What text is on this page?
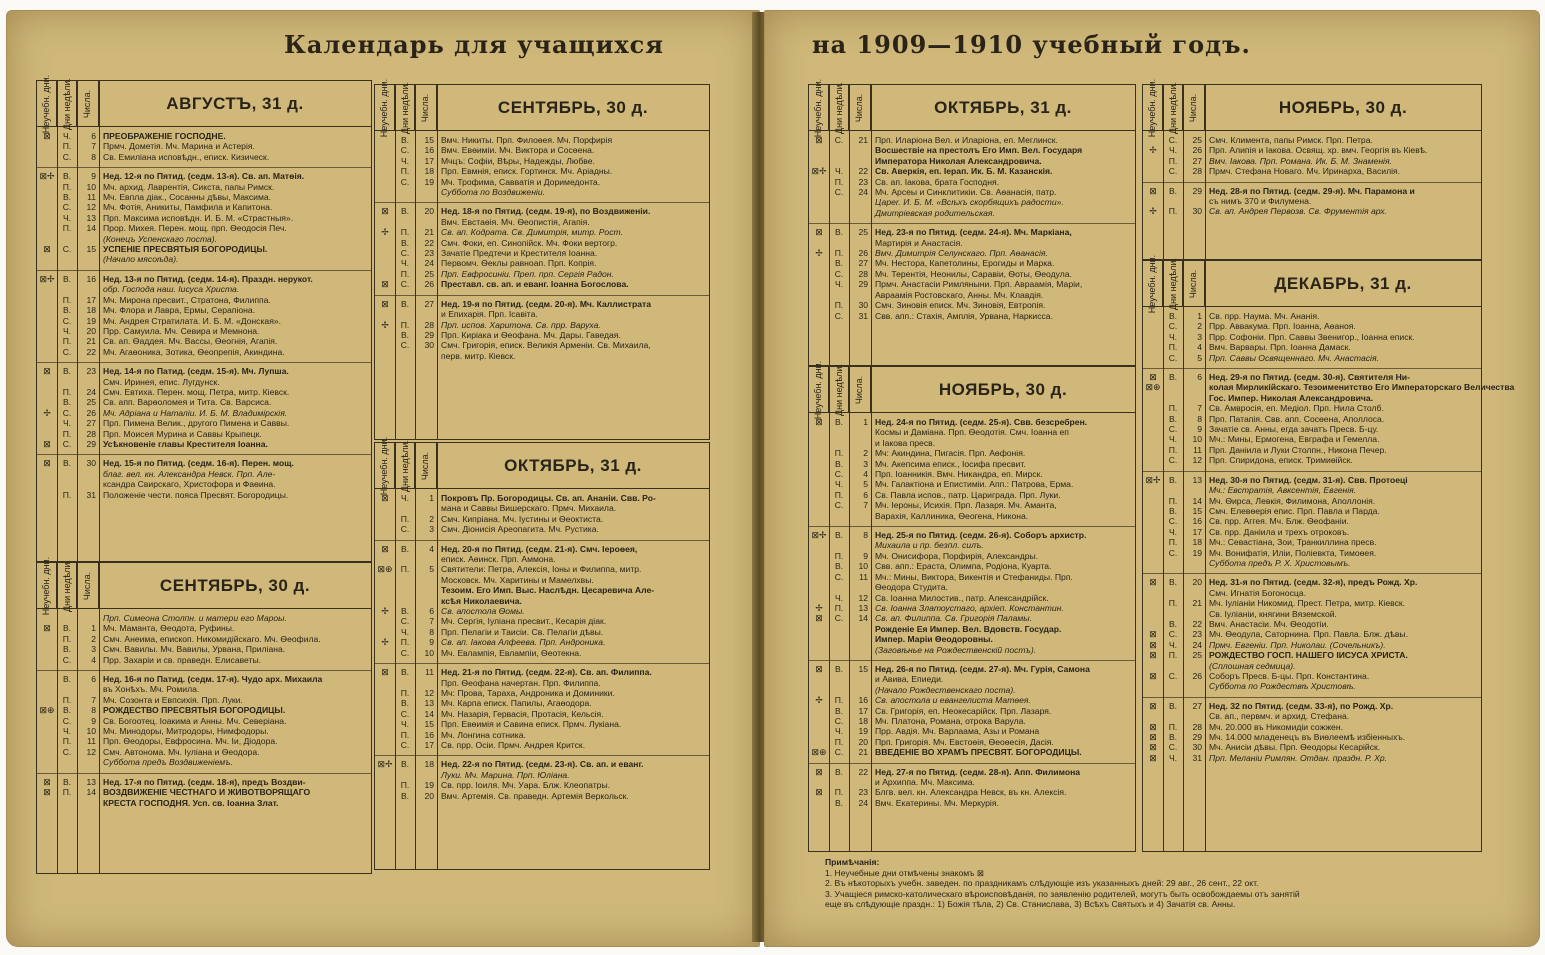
Календарь для учащихся	на 1909—1910 учебный годъ.
Неучебн. дни. Дни недѣли. Числа.	АВГУСТЪ, 31 д.
⊠	Ч.	6 ПРЕОБРАЖЕНІЕ ГОСПОДНЕ.
П.	7 Прмч. Дометія. Мч. Марина и Астерія.
С.	8 Св. Емиліана исповѣдн., еписк. Кизическ.
⊠✢ В.	9 Нед. 12-я по Пятид. (седм. 13-я). Св. ап. Матѳія.
П.	10 Мч. архид. Лаврентія, Сикста, папы Римск.
В.	11 Мч. Евпла діак., Сосанны дѣвы, Максима.
С.	12 Мч. Фотія, Аникиты, Памфила и Капитона.
Ч.	13 Прп. Максима исповѣдн. И. Б. М. «Страстныя».
П.	14 Прор. Михея. Перен. мощ. прп. Ѳеодосія Печ.
(Конецъ Успенскаго поста).
⊠	С.	15 УСПЕНІЕ ПРЕСВЯТЫЯ БОГОРОДИЦЫ.
(Начало мясоѣда).
⊠✢ В.	16 Нед. 13-я по Пятид. (седм. 14-я). Праздн. нерукот.
обр. Господа наш. Іисуса Христа.
П.	17 Мч. Мирона пресвит., Стратона, Филиппа.
В.	18 Мч. Флора и Лавра, Ермы, Серапіона.
С.	19 Мч. Андрея Стратилата. И. Б. М. «Донская».
Ч.	20 Прр. Самуила. Мч. Севира и Мемнона.
П.	21 Св. ап. Ѳаддея. Мч. Вассы, Ѳеогнія, Агапія.
С.	22 Мч. Агаѳоника, Зотика, Ѳеопрепія, Акиндина.
⊠	В.	23 Нед. 14-я по Патид. (седм. 15-я). Мч. Лупша.
Смч. Иринея, епис. Лугдунск.
П.	24 Смч. Евтиха. Перен. мощ. Петра, митр. Кіевск.
В.	25 Св. апп. Варѳоломея и Тита. Св. Варсиса.
✢	С.	26 Мч. Адріана и Наталіи. И. Б. М. Владимірскія.
Ч.	27 Прп. Пимена Велик., другого Пимена и Саввы.
П.	28 Прп. Моисея Мурина и Саввы Крыпецк.
⊠	С.	29 Усѣкновеніе главы Крестителя Іоанна.
⊠	В.	30 Нед. 15-я по Пятид. (седм. 16-я). Перен. мощ.
благ. вел. кн. Александра Невск. Прп. Але-
ксандра Свирскаго, Христофора и Фаѳина.
П.	31 Положеніе чести. пояса Пресвят. Богородицы.
Неучебн. дни. Дни недѣли. Числа.	СЕНТЯБРЬ, 30 д.
Прп. Симеона Столпн. и матери его Мароы.
⊠	В.	1 Мч. Маманта, Ѳеодота, Руфины.
П.	2 Смч. Анеима, епископ. Никомидійскаго. Мч. Ѳеофила.
В.	3 Смч. Вавилы. Мч. Вавилы, Урвана, Приліана.
С.	4 Прр. Захаріи и св. праведн. Елисаветы.
В.	6 Нед. 16-я по Патид. (седм. 17-я). Чудо арх. Михаила
въ Хонѣхъ. Мч. Ромила.
П.	7 Мч. Созонта и Евпсихія. Прп. Луки.
⊠⊕ В.	8 РОЖДЕСТВО ПРЕСВЯТЫЯ БОГОРОДИЦЫ.
С.	9 Св. Богоотец. Іоакима и Анны. Мч. Северіана.
Ч.	10 Мч. Минодоры, Митродоры, Нимфодоры.
П.	11 Прп. Ѳеодоры, Евфросина. Мч. Іи, Діодора.
С.	12 Смч. Автонома. Мч. Іуліана и Ѳеодора.
Суббота предъ Воздвиженіемъ.
⊠	В.	13 Нед. 17-я по Пятид. (седм. 18-я), предъ Воздви-
⊠	П.	14 ВОЗДВИЖЕНІЕ ЧЕСТНАГО И ЖИВОТВОРЯЩАГО
КРЕСТА ГОСПОДНЯ. Усп. св. Іоанна Злат.
Неучебн. дни. Дни недѣли. Числа.	СЕНТЯБРЬ, 30 д.
В.	15 Вмч. Никиты. Прп. Филоѳея. Мч. Порфирія
С.	16 Вмч. Евѳиміи. Мч. Виктора и Сосѳена.
Ч.	17 Мчцъ: Софіи, Вѣры, Надежды, Любве.
П.	18 Прп. Евмнія, еписк. Гортинск. Мч. Аріадны.
С.	19 Мч. Трофима, Савватія и Доримедонта.
Суббота по Воздвиженіи.
⊠	В.	20 Нед. 18-я по Пятид. (седм. 19-я), по Воздвиженіи.
Вмч. Евстаѳія. Мч. Ѳеопистія, Агапія.
✢	П.	21 Св. ап. Кодрата. Св. Димитрія, митр. Рост.
В.	22 Смч. Фоки, еп. Синопійск. Мч. Фоки вертогр.
С.	23 Зачатіе Предтечи и Крестителя Іоанна.
Ч.	24 Первомч. Ѳеклы равноап. Прп. Копрія.
П.	25 Прп. Евфросиніи. Преп. прп. Сергія Радон.
⊠	С.	26 Преставл. св. ап. и еванг. Іоанна Богослова.
⊠	В.	27 Нед. 19-я по Пятид. (седм. 20-я). Мч. Каллистрата
и Епихарія. Прп. Ісавіта.
✢	П.	28 Прп. испов. Харитона. Св. прр. Варуха.
В.	29 Прп. Киріака и Ѳеофана. Мч. Дары. Гаведая.
С.	30 Смч. Григорія, еписк. Великія Арменіи. Св. Михаила,
перв. митр. Кіевск.
Неучебн. дни. Дни недѣли. Числа.	ОКТЯБРЬ, 31 д.
⊠	Ч.	1 Покровъ Пр. Богородицы. Св. ап. Ананіи. Свв. Ро-
мана и Саввы Вишерскаго. Прмч. Михаила.
П.	2 Смч. Кипріана. Мч. Іустины и Ѳеоктиста.
С.	3 Смч. Діонисія Ареопагита. Мч. Рустика.
⊠	В.	4 Нед. 20-я по Пятид. (седм. 21-я). Смч. Іероѳея,
еписк. Аѳинск. Прп. Аммона.
⊠⊕ П.	5 Святители: Петра, Алексія, Іоны и Филиппа, митр.
Московск. Мч. Харитины и Мамелхвы.
Тезоим. Его Имп. Выс. Наслѣдн. Цесаревича Але-
ксѣя Николаевича.
✢	В.	6 Св. апостола Ѳомы.
С.	7 Мч. Сергія, Іуліана пресвит., Кесарія діак.
Ч.	8 Прп. Пелагіи и Таисіи. Св. Пелагіи дѣвы.
✢	П.	9 Св. ап. Іакова Алфеева. Прп. Андроника.
С.	10 Мч. Евлампія, Евлампіи, Ѳеотекна.
⊠	В.	11 Нед. 21-я по Пятид. (седм. 22-я). Св. ап. Филиппа.
Прп. Ѳеофана начертан. Прп. Филиппа.
П.	12 Мч: Прова, Тараха, Андроника и Доминики.
В.	13 Мч. Карпа еписк. Папилы, Агаѳодора.
С.	14 Мч. Назарія, Гервасія, Протасія, Кельсія.
Ч.	15 Прп. Евѳимія и Савина еписк. Прмч. Лукіана.
П.	16 Мч. Лонгина сотника.
С.	17 Св. прр. Осіи. Прмч. Андрея Критск.
⊠✢ В.	18 Нед. 22-я по Пятид. (седм. 23-я). Св. ап. и еванг.
Луки. Мч. Марина. Прп. Юліана.
П.	19 Св. прр. Іоиля. Мч. Уара. Блж. Клеопатры.
В.	20 Вмч. Артемія. Св. праведн. Артемія Веркольск.
Неучебн. дни. Дни недѣли. Числа.	ОКТЯБРЬ, 31 д.
⊠	С.	21 Прп. Иларіона Вел. и Иларіона, еп. Меглинск.
Восшествіе на престолъ Его Имп. Вел. Государя
Императора Николая Александровича.
⊠✢ Ч.	22 Св. Аверкія, еп. Іерап. Ик. Б. М. Казанскія.
П.	23 Св. ап. Іакова, брата Господня.
С.	24 Мч. Арсеы и Синклитикіи. Св. Аѳанасія, патр.
Цареr. И. Б. М. «Всѣхъ скорбящихъ радости».
Дмитріевская родительская.
⊠	В.	25 Нед. 23-я по Пятид. (седм. 24-я). Мч. Маркіана,
Мартирія и Анастасія.
✢	П.	26 Вмч. Димитрія Селунскаго. Прп. Аѳанасія.
В.	27 Мч. Нестора, Капетолины, Ерогиды и Марка.
С.	28 Мч. Терентія, Неонилы, Саравіи, Ѳоты, Ѳеодула.
Ч.	29 Прмч. Анастасіи Римляныни. Прп. Авраамія, Маріи,
Авраамія Ростовскаго, Анны. Мч. Клавдія.
П.	30 Смч. Зиновія еписк. Мч. Зиновія, Евтропія.
С.	31 Свв. апп.: Стахія, Амплія, Урвана, Наркисса.
Неучебн. дни. Дни недѣли. Числа.	НОЯБРЬ, 30 д.
⊠	В.	1 Нед. 24-я по Пятид. (седм. 25-я). Свв. безсребрен.
Космы и Даміана. Прп. Ѳеодотія. Смч. Іоанна еп
и Іакова пресв.
П.	2 Мч: Акиндина, Пигасія. Прп. Аѳфонія.
В.	3 Мч. Акепсима еписк., Іосифа пресвит.
С.	4 Прп. Іоанникія. Вмч. Никандра, еп. Мирск.
Ч.	5 Мч. Галактіона и Епистиміи. Апп.: Патрова, Ерма.
П.	6 Св. Павла испов., патр. Цариграда. Прп. Луки.
С.	7 Мч. Іероны, Исихія. Прп. Лазаря. Мч. Аманта,
Варахія, Каллиника, Ѳеогена, Никона.
⊠✢ В.	8 Нед. 25-я по Пятид. (седм. 26-я). Соборъ архистр.
Михаила и пр. безпл. силъ.
П.	9 Мч. Онисифора, Порфирія, Александры.
В.	10 Свв. апп.: Ераста, Олимпа, Родіона, Куарта.
С.	11 Мч.: Мины, Виктора, Викентія и Стефаниды. Прп.
Ѳеодора Студита.
Ч.	12 Св. Іоанна Милостив., патр. Александрійск.
✢	П.	13 Св. Іоанна Златоустаго, архіеп. Константин.
⊠	С.	14 Св. ап. Филиппа. Св. Григорія Паламы.
Рожденіе Ея Импер. Вел. Вдовств. Государ.
Импер. Маріи Ѳеодоровны.
(Заговѣнье на Рождественскій постъ).
⊠	В.	15 Нед. 26-я по Пятид. (седм. 27-я). Мч. Гурія, Самона
и Авива, Епиеди.
(Начало Рождественскаго поста).
✢	П.	16 Св. апостола и евангелиста Матѳея.
В.	17 Св. Григорія, еп. Неокесарійск. Прп. Лазаря.
С.	18 Мч. Платона, Романа, отрока Варула.
Ч.	19 Прр. Авдія. Мч. Варлаама, Азы и Романа
П.	20 Прп. Григорія. Мч. Евстоѳія, Ѳеоѳесія, Дасія.
⊠⊕ С.	21 ВВЕДЕНІЕ ВО ХРАМЪ ПРЕСВЯТ. БОГОРОДИЦЫ.
⊠	В.	22 Нед. 27-я по Пятид. (седм. 28-я). Апп. Филимона
и Архиппа. Мч. Максима.
⊠	П.	23 Блгв. вел. кн. Александра Невск, въ кн. Алексія.
В.	24 Вмч. Екатерины. Мч. Меркурія.
Неучебн. дни. Дни недѣли. Числа.	НОЯБРЬ, 30 д.
С.	25 Смч. Климента, папы Римск. Прп. Петра.
✢	Ч.	26 Прп. Алипія и Іакова. Освящ. хр. вмч. Георгія въ Кіевѣ.
П.	27 Вмч. Іакова. Прп. Романа. Ик. Б. М. Знаменія.
С.	28 Прмч. Стефана Новаго. Мч. Иринарха, Василія.
⊠	В.	29 Нед. 28-я по Пятид. (седм. 29-я). Мч. Парамона и
съ нимъ 370 и Филумена.
✢	П.	30 Св. ап. Андрея Первозв. Св. Фрументія арх.
Неучебн. дни. Дни недѣли. Числа.	ДЕКАБРЬ, 31 д.
В.	1 Св. прр. Наума. Мч. Ананія.
С.	2 Прр. Аввакума. Прп. Іоанна, Аѳаноя.
Ч.	3 Прр. Софоніи. Прп. Саввы Звенигор., Іоанна еписк.
П.	4 Вмч. Варвары. Прп. Іоанна Дамаск.
С.	5 Прп. Саввы Освященнаго. Мч. Анастасія.
⊠	В.	6 Нед. 29-я по Пятид. (седм. 30-я). Святителя Ни-
⊠⊕	колая Мирликійскаго. Тезоименитство Его Императорскаго Величества
Гос. Импер. Николая Александровича.
П.	7 Св. Амвросія, еп. Медіол. Прп. Нила Столб.
В.	8 Прп. Патапія. Свв. апп. Сосѳена, Аполлоса.
С.	9 Зачатіе св. Анны, егда зачатъ Пресв. Б-цу.
Ч.	10 Мч.: Мины, Ермогена, Евграфа и Гемелла.
П.	11 Прп. Даніила и Луки Столпн., Никона Печер.
С.	12 Прп. Спиридона, еписк. Тримиѳійск.
⊠✢ В.	13 Нед. 30-я по Пятид. (седм. 31-я). Свв. Протоеці
Мч.: Евстратія, Авксентія, Евгенія.
П.	14 Мч. Ѳирса, Левкія, Филимона, Аполлонія.
В.	15 Смч. Елевѳерія епис. Прп. Павла и Парда.
С.	16 Св. прр. Аггея. Мч. Блж. Ѳеофаніи.
Ч.	17 Св. прр. Даніила и трехъ отроковъ.
П.	18 Мч.: Севастіана, Зои, Транкиллина пресв.
С.	19 Мч. Вонифатія, Иліи, Поліевкта, Тимоѳея.
Суббота предъ Р. Х. Христовымъ.
⊠	В.	20 Нед. 31-я по Пятид. (седм. 32-я), предъ Рожд. Хр.
Смч. Игнатія Богоносца.
П.	21 Мч. Іуліаніи Никомид. Прест. Петра, митр. Кіевск.
Св. Іуліаніи, княгини Вяземской.
В.	22 Вмч. Анастасіи. Мч. Ѳеодотіи.
⊠	С.	23 Мч. Ѳеодула, Саторнина. Прп. Павла. Блж. дѣвы.
⊠	Ч.	24 Прмч. Евгеніи. Прп. Николаи. (Сочельникъ).
⊠	П.	25 РОЖДЕСТВО ГОСП. НАШЕГО ІИСУСА ХРИСТА.
(Сплошная седмица).
⊠	С.	26 Соборъ Пресв. Б-цы. Прп. Константина.
Суббота по Рождествѣ Христовѣ.
⊠	В.	27 Нед. 32 по Пятид. (седм. 33-я), по Рожд. Хр.
Св. ап., первмч. и архид. Стефана.
⊠	П.	28 Мч. 20.000 въ Никомидіи сожжен.
⊠	В.	29 Мч. 14.000 младенецъ въ Виѳлеемѣ избіенныхъ.
⊠	С.	30 Мч. Анисіи дѣвы. Прп. Ѳеодоры Кесарійск.
⊠	Ч.	31 Прп. Меланіи Римлян. Отдан. праздн. Р. Хр.
Примѣчанія:
1. Неучебные дни отмѣчены знакомъ ⊠
2. Въ нѣкоторыхъ учебн. заведен. по праздникамъ слѣдующіе изъ указанныхъ дней: 29 авг., 26 сент., 22 окт.
3. Учащіеся римско-католическаго вѣроисповѣданія, по заявленію родителей, могутъ быть освобождаемы отъ занятій
еще въ слѣдующіе праздн.: 1) Божія тѣла, 2) Св. Станислава, 3) Всѣхъ Святыхъ и 4) Зачатія св. Анны.
